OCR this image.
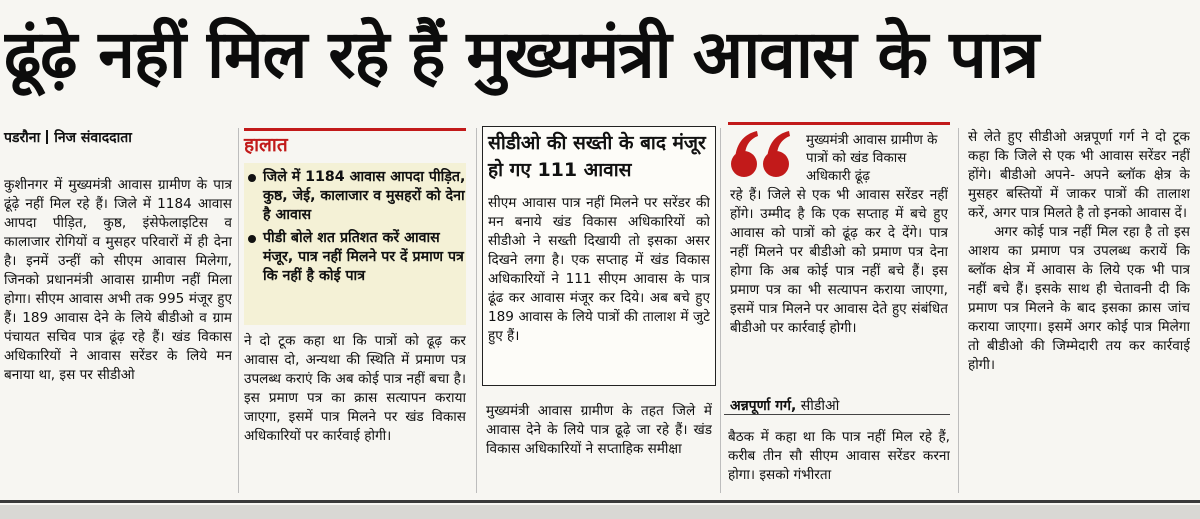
ढूंढ़े नहीं मिल रहे हैं मुख्यमंत्री आवास के पात्र
पडरौना निज संवाददाता

कुशीनगर में मुख्यमंत्री आवास ग्रामीण के पात्र ढूंढ़े नहीं मिल रहे हैं। जिले में 1184 आवास आपदा पीड़ित, कुष्ठ, इंसेफेलाइटिस व कालाजार रोगियों व मुसहर परिवारों में ही देना है। इनमें उन्हीं को सीएम आवास मिलेगा, जिनको प्रधानमंत्री आवास ग्रामीण नहीं मिला होगा। सीएम आवास अभी तक 995 मंजूर हुए हैं। 189 आवास देने के लिये बीडीओ व ग्राम पंचायत सचिव पात्र ढूंढ़ रहे हैं। खंड विकास अधिकारियों ने आवास सरेंडर के लिये मन बनाया था, इस पर सीडीओ

हालात
जिले में 1184 आवास आपदा पीड़ित, कुष्ठ, जेई, कालाजार व मुसहरों को देना है आवास
पीडी बोले शत प्रतिशत करें आवास मंजूर, पात्र नहीं मिलने पर दें प्रमाण पत्र कि नहीं है कोई पात्र

ने दो टूक कहा था कि पात्रों को ढूढ़ कर आवास दो, अन्यथा की स्थिति में प्रमाण पत्र उपलब्ध कराएं कि अब कोई पात्र नहीं बचा है। इस प्रमाण पत्र का क्रास सत्यापन कराया जाएगा, इसमें पात्र मिलने पर खंड विकास अधिकारियों पर कार्रवाई होगी।

सीडीओ की सख्ती के बाद मंजूर हो गए 111 आवास

सीएम आवास पात्र नहीं मिलने पर सरेंडर की मन बनाये खंड विकास अधिकारियों को सीडीओ ने सख्ती दिखायी तो इसका असर दिखने लगा है। एक सप्ताह में खंड विकास अधिकारियों ने 111 सीएम आवास के पात्र ढूंढ कर आवास मंजूर कर दिये। अब बचे हुए 189 आवास के लिये पात्रों की तालाश में जुटे हुए हैं।

मुख्यमंत्री आवास ग्रामीण के तहत जिले में आवास देने के लिये पात्र ढूढ़े जा रहे हैं। खंड विकास अधिकारियों ने सप्ताहिक समीक्षा

मुख्यमंत्री आवास ग्रामीण के पात्रों को खंड विकास अधिकारी ढूंढ़

रहे हैं। जिले से एक भी आवास सरेंडर नहीं होंगे। उम्मीद है कि एक सप्ताह में बचे हुए आवास को पात्रों को ढूंढ़ कर दे देंगे। पात्र नहीं मिलने पर बीडीओ को प्रमाण पत्र देना होगा कि अब कोई पात्र नहीं बचे हैं। इस प्रमाण पत्र का भी सत्यापन कराया जाएगा, इसमें पात्र मिलने पर आवास देते हुए संबंधित बीडीओ पर कार्रवाई होगी।

अन्नपूर्णा गर्ग, सीडीओ

बैठक में कहा था कि पात्र नहीं मिल रहे हैं, करीब तीन सौ सीएम आवास सरेंडर करना होगा। इसको गंभीरता

से लेते हुए सीडीओ अन्नपूर्णा गर्ग ने दो टूक कहा कि जिले से एक भी आवास सरेंडर नहीं होंगे। बीडीओ अपने- अपने ब्लॉक क्षेत्र के मुसहर बस्तियों में जाकर पात्रों की तालाश करें, अगर पात्र मिलते है तो इनको आवास दें।

अगर कोई पात्र नहीं मिल रहा है तो इस आशय का प्रमाण पत्र उपलब्ध करायें कि ब्लॉक क्षेत्र में आवास के लिये एक भी पात्र नहीं बचे हैं। इसके साथ ही चेतावनी दी कि प्रमाण पत्र मिलने के बाद इसका क्रास जांच कराया जाएगा। इसमें अगर कोई पात्र मिलेगा तो बीडीओ की जिम्मेदारी तय कर कार्रवाई होगी।
